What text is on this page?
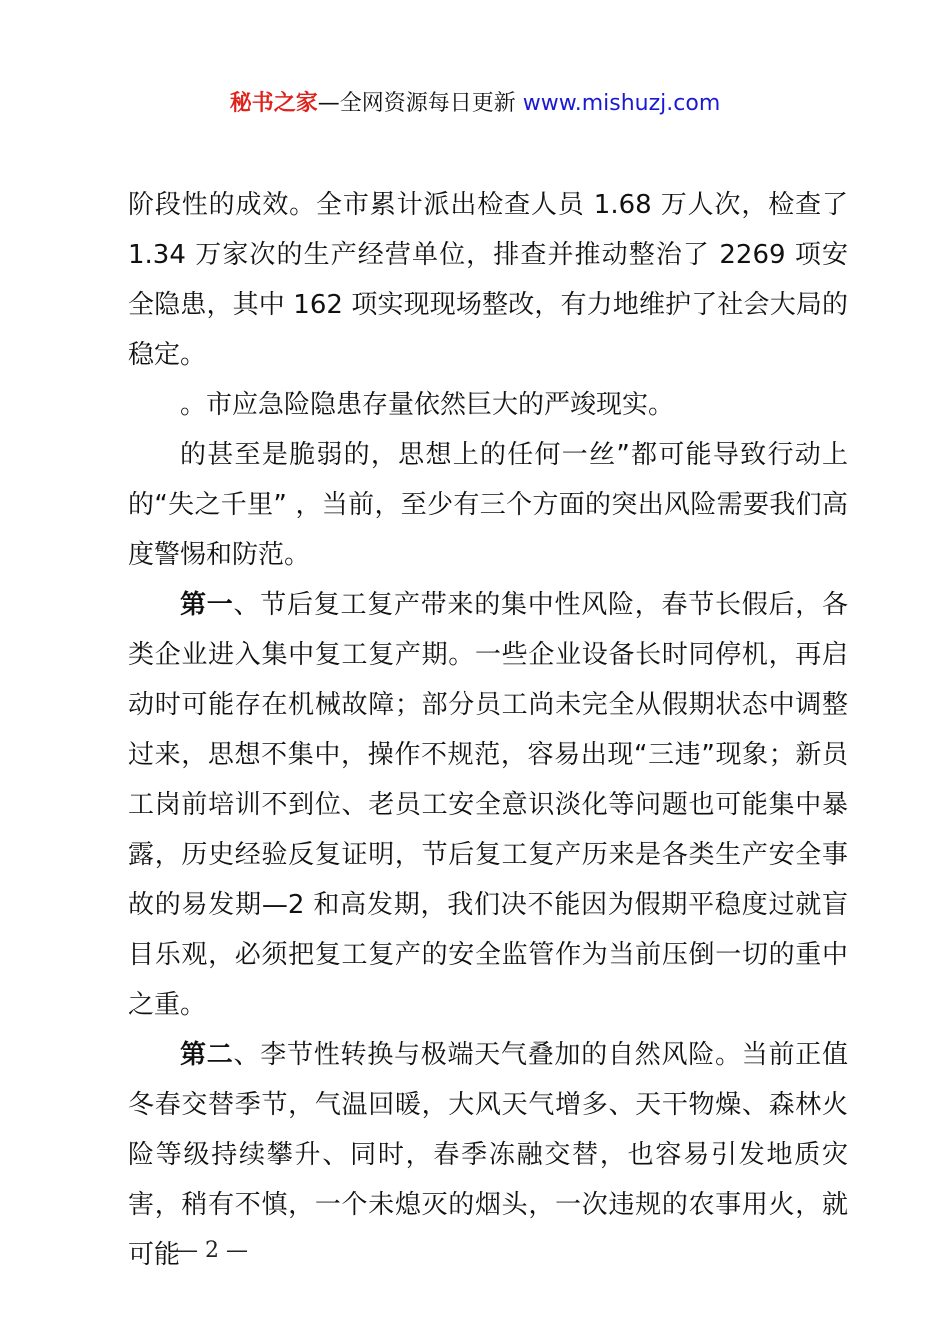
秘书之家—全网资源每日更新 www.mishuzj.com

阶段性的成效。全市累计派出检查人员 1.68 万人次，检查了 1.34 万家次的生产经营单位，排查并推动整治了 2269 项安全隐患，其中 162 项实现现场整改，有力地维护了社会大局的稳定。

。市应急险隐患存量依然巨大的严竣现实。

的甚至是脆弱的，思想上的任何一丝”都可能导致行动上的“失之千里” ，当前，至少有三个方面的突出风险需要我们高度警惕和防范。

第一、节后复工复产带来的集中性风险，春节长假后，各类企业进入集中复工复产期。一些企业设备长时同停机，再启动时可能存在机械故障；部分员工尚未完全从假期状态中调整过来，思想不集中，操作不规范，容易出现“三违”现象；新员工岗前培训不到位、老员工安全意识淡化等问题也可能集中暴露，历史经验反复证明，节后复工复产历来是各类生产安全事故的易发期—2 和高发期，我们决不能因为假期平稳度过就盲目乐观，必须把复工复产的安全监管作为当前压倒一切的重中之重。

第二、李节性转换与极端天气叠加的自然风险。当前正值冬春交替季节，气温回暖，大风天气增多、天干物燥、森林火险等级持续攀升、同时，春季冻融交替，也容易引发地质灾害，稍有不慎，一个未熄灭的烟头，一次违规的农事用火，就可能

— 2 —
